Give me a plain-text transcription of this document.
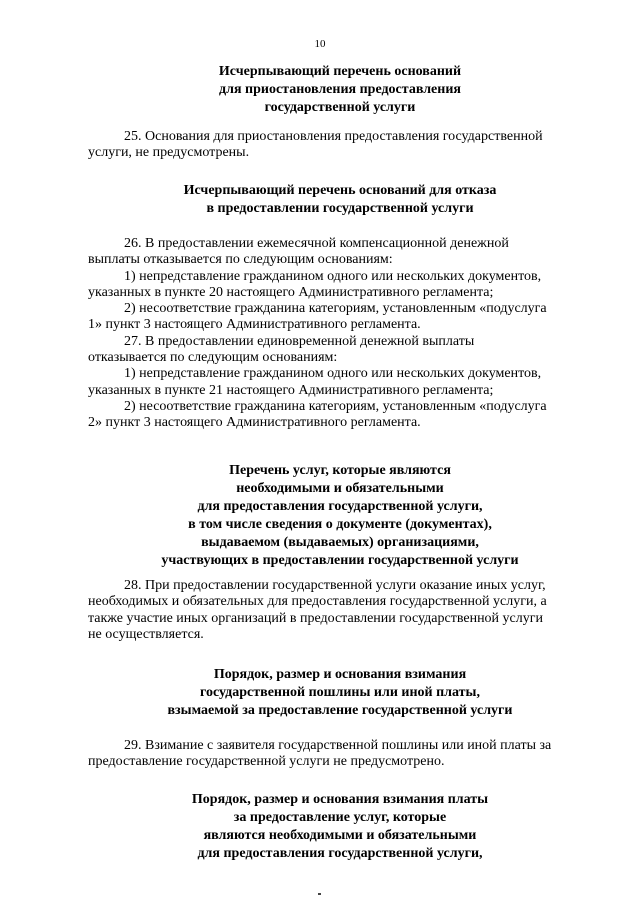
10
Исчерпывающий перечень оснований
для приостановления предоставления
государственной услуги
25. Основания для приостановления предоставления государственной
услуги, не предусмотрены.
Исчерпывающий перечень оснований для отказа
в предоставлении государственной услуги
26. В предоставлении ежемесячной компенсационной денежной
выплаты отказывается по следующим основаниям:
1) непредставление гражданином одного или нескольких документов,
указанных в пункте 20 настоящего Административного регламента;
2) несоответствие гражданина категориям, установленным «подуслуга
1» пункт 3 настоящего Административного регламента.
27. В предоставлении единовременной денежной выплаты
отказывается по следующим основаниям:
1) непредставление гражданином одного или нескольких документов,
указанных в пункте 21 настоящего Административного регламента;
2) несоответствие гражданина категориям, установленным «подуслуга
2» пункт 3 настоящего Административного регламента.
Перечень услуг, которые являются
необходимыми и обязательными
для предоставления государственной услуги,
в том числе сведения о документе (документах),
выдаваемом (выдаваемых) организациями,
участвующих в предоставлении государственной услуги
28. При предоставлении государственной услуги оказание иных услуг,
необходимых и обязательных для предоставления государственной услуги, а
также участие иных организаций в предоставлении государственной услуги
не осуществляется.
Порядок, размер и основания взимания
государственной пошлины или иной платы,
взымаемой за предоставление государственной услуги
29. Взимание с заявителя государственной пошлины или иной платы за
предоставление государственной услуги не предусмотрено.
Порядок, размер и основания взимания платы
за предоставление услуг, которые
являются необходимыми и обязательными
для предоставления государственной услуги,
